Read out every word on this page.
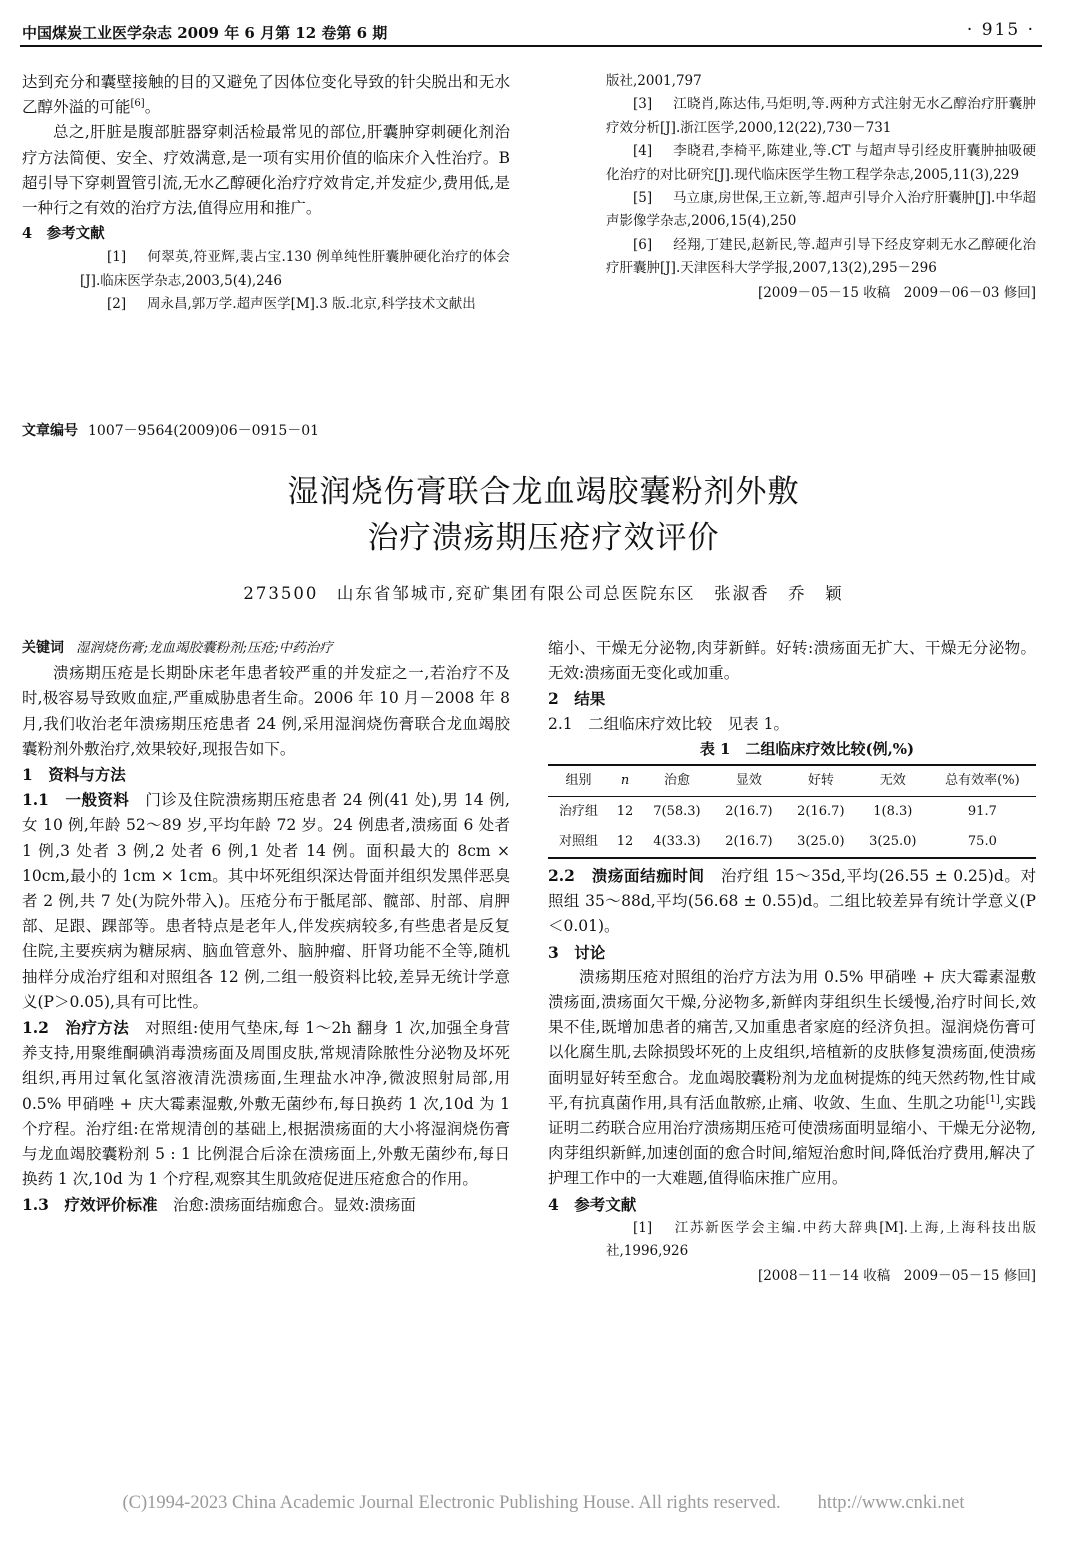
中国煤炭工业医学杂志 2009 年 6 月第 12 卷第 6 期	· 915 ·

达到充分和囊壁接触的目的又避免了因体位变化导致的针尖脱出和无水乙醇外溢的可能[6]。

总之,肝脏是腹部脏器穿刺活检最常见的部位,肝囊肿穿刺硬化剂治疗方法简便、安全、疗效满意,是一项有实用价值的临床介入性治疗。B 超引导下穿刺置管引流,无水乙醇硬化治疗疗效肯定,并发症少,费用低,是一种行之有效的治疗方法,值得应用和推广。

4　参考文献

[1] 何翠英,符亚辉,裴占宝.130 例单纯性肝囊肿硬化治疗的体会[J].临床医学杂志,2003,5(4),246

[2] 周永昌,郭万学.超声医学[M].3 版.北京,科学技术文献出

版社,2001,797

[3] 江晓肖,陈达伟,马炬明,等.两种方式注射无水乙醇治疗肝囊肿疗效分析[J].浙江医学,2000,12(22),730－731

[4] 李晓君,李椅平,陈建业,等.CT 与超声导引经皮肝囊肿抽吸硬化治疗的对比研究[J].现代临床医学生物工程学杂志,2005,11(3),229

[5] 马立康,房世保,王立新,等.超声引导介入治疗肝囊肿[J].中华超声影像学杂志,2006,15(4),250

[6] 经翔,丁建民,赵新民,等.超声引导下经皮穿刺无水乙醇硬化治疗肝囊肿[J].天津医科大学学报,2007,13(2),295－296

[2009－05－15 收稿　2009－06－03 修回]

文章编号 1007－9564(2009)06－0915－01
湿润烧伤膏联合龙血竭胶囊粉剂外敷
治疗溃疡期压疮疗效评价
273500　山东省邹城市,兖矿集团有限公司总医院东区　张淑香　乔　颖

关键词 湿润烧伤膏;龙血竭胶囊粉剂;压疮;中药治疗

溃疡期压疮是长期卧床老年患者较严重的并发症之一,若治疗不及时,极容易导致败血症,严重威胁患者生命。2006 年 10 月－2008 年 8 月,我们收治老年溃疡期压疮患者 24 例,采用湿润烧伤膏联合龙血竭胶囊粉剂外敷治疗,效果较好,现报告如下。

1　资料与方法

1.1　一般资料　 门诊及住院溃疡期压疮患者 24 例(41 处),男 14 例,女 10 例,年龄 52～89 岁,平均年龄 72 岁。24 例患者,溃疡面 6 处者 1 例,3 处者 3 例,2 处者 6 例,1 处者 14 例。面积最大的 8cm × 10cm,最小的 1cm × 1cm。其中坏死组织深达骨面并组织发黑伴恶臭者 2 例,共 7 处(为院外带入)。压疮分布于骶尾部、髋部、肘部、肩胛部、足跟、踝部等。患者特点是老年人,伴发疾病较多,有些患者是反复住院,主要疾病为糖尿病、脑血管意外、脑肿瘤、肝肾功能不全等,随机抽样分成治疗组和对照组各 12 例,二组一般资料比较,差异无统计学意义(P＞0.05),具有可比性。

1.2　治疗方法　 对照组:使用气垫床,每 1～2h 翻身 1 次,加强全身营养支持,用聚维酮碘消毒溃疡面及周围皮肤,常规清除脓性分泌物及坏死组织,再用过氧化氢溶液清洗溃疡面,生理盐水冲净,微波照射局部,用 0.5% 甲硝唑 + 庆大霉素湿敷,外敷无菌纱布,每日换药 1 次,10d 为 1 个疗程。治疗组:在常规清创的基础上,根据溃疡面的大小将湿润烧伤膏与龙血竭胶囊粉剂 5 : 1 比例混合后涂在溃疡面上,外敷无菌纱布,每日换药 1 次,10d 为 1 个疗程,观察其生肌敛疮促进压疮愈合的作用。

1.3　疗效评价标准　 治愈:溃疡面结痂愈合。显效:溃疡面

缩小、干燥无分泌物,肉芽新鲜。好转:溃疡面无扩大、干燥无分泌物。无效:溃疡面无变化或加重。

2　结果

2.1　二组临床疗效比较　见表 1。

表 1　二组临床疗效比较(例,%)

组别	n	治愈	显效	好转	无效	总有效率(%)
治疗组	12	7(58.3)	2(16.7)	2(16.7)	1(8.3)	91.7
对照组	12	4(33.3)	2(16.7)	3(25.0)	3(25.0)	75.0

2.2　溃疡面结痂时间　 治疗组 15～35d,平均(26.55 ± 0.25)d。对照组 35～88d,平均(56.68 ± 0.55)d。二组比较差异有统计学意义(P＜0.01)。

3　讨论

溃疡期压疮对照组的治疗方法为用 0.5% 甲硝唑 + 庆大霉素湿敷溃疡面,溃疡面欠干燥,分泌物多,新鲜肉芽组织生长缓慢,治疗时间长,效果不佳,既增加患者的痛苦,又加重患者家庭的经济负担。湿润烧伤膏可以化腐生肌,去除损毁坏死的上皮组织,培植新的皮肤修复溃疡面,使溃疡面明显好转至愈合。龙血竭胶囊粉剂为龙血树提炼的纯天然药物,性甘咸平,有抗真菌作用,具有活血散瘀,止痛、收敛、生血、生肌之功能[1],实践证明二药联合应用治疗溃疡期压疮可使溃疡面明显缩小、干燥无分泌物,肉芽组织新鲜,加速创面的愈合时间,缩短治愈时间,降低治疗费用,解决了护理工作中的一大难题,值得临床推广应用。

4　参考文献

[1] 江苏新医学会主编.中药大辞典[M].上海,上海科技出版社,1996,926

[2008－11－14 收稿　2009－05－15 修回]

(C)1994-2023 China Academic Journal Electronic Publishing House. All rights reserved.　　http://www.cnki.net
